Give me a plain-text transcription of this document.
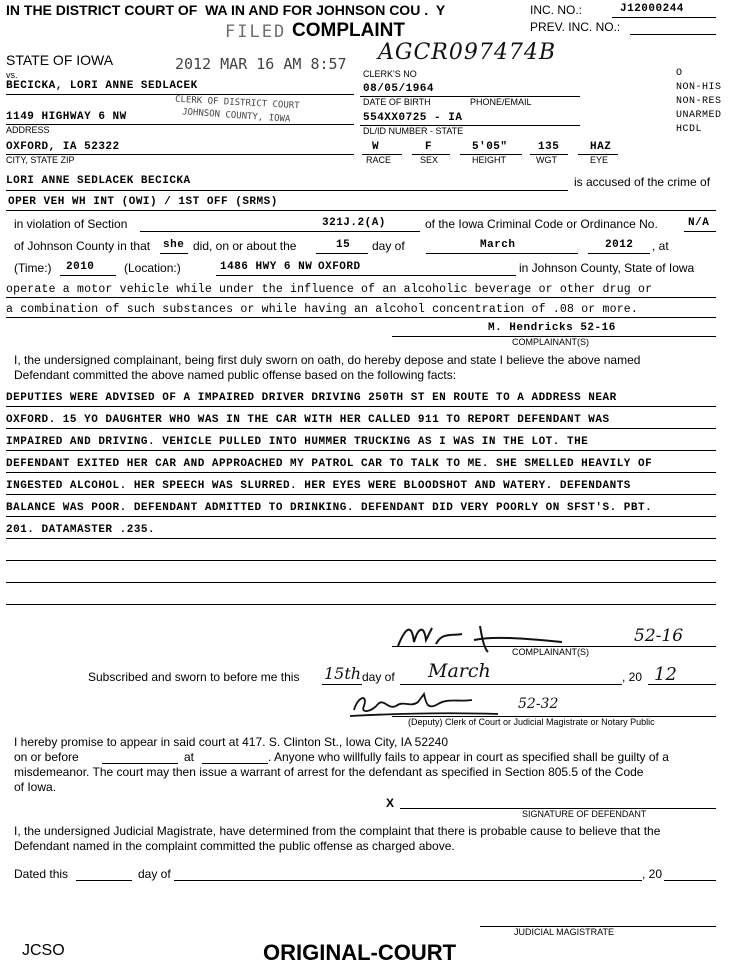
IN THE DISTRICT COURT OF WA IN AND FOR JOHNSON COU .  Y	INC. NO.:	J12000244
PREV. INC. NO.:
FILED COMPLAINT
AGCR097474B
2012 MAR 16 AM 8:57
CLERK OF DISTRICT COURT
JOHNSON COUNTY, IOWA
STATE OF IOWA
vs.
BECICKA, LORI ANNE SEDLACEK
1149 HIGHWAY 6 NW
ADDRESS
OXFORD, IA 52322
CITY, STATE ZIP
CLERK'S NO
08/05/1964
DATE OF BIRTH	PHONE/EMAIL
554XX0725 - IA
DL/ID NUMBER - STATE
W	F	5'05"	135	HAZ
RACE	SEX	HEIGHT	WGT	EYE
O
NON-HIS
NON-RES
UNARMED
HCDL
LORI ANNE SEDLACEK BECICKA	is accused of the crime of
OPER VEH WH INT (OWI) / 1ST OFF (SRMS)
in violation of Section	321J.2(A)	of the Iowa Criminal Code or Ordinance No.	N/A
of Johnson County in that she did, on or about the	15 day of	March	2012 , at
(Time:) 2010 (Location:)	1486 HWY 6 NW OXFORD	in Johnson County, State of Iowa
operate a motor vehicle while under the influence of an alcoholic beverage or other drug or
a combination of such substances or while having an alcohol concentration of .08 or more.
M. Hendricks 52-16
COMPLAINANT(S)
I, the undersigned complainant, being first duly sworn on oath, do hereby depose and state I believe the above named
Defendant committed the above named public offense based on the following facts:
DEPUTIES WERE ADVISED OF A IMPAIRED DRIVER DRIVING 250TH ST EN ROUTE TO A ADDRESS NEAR
OXFORD. 15 YO DAUGHTER WHO WAS IN THE CAR WITH HER CALLED 911 TO REPORT DEFENDANT WAS
IMPAIRED AND DRIVING. VEHICLE PULLED INTO HUMMER TRUCKING AS I WAS IN THE LOT. THE
DEFENDANT EXITED HER CAR AND APPROACHED MY PATROL CAR TO TALK TO ME. SHE SMELLED HEAVILY OF
INGESTED ALCOHOL. HER SPEECH WAS SLURRED. HER EYES WERE BLOODSHOT AND WATERY. DEFENDANTS
BALANCE WAS POOR. DEFENDANT ADMITTED TO DRINKING. DEFENDANT DID VERY POORLY ON SFST'S. PBT.
201. DATAMASTER .235.
52-16
COMPLAINANT(S)
Subscribed and sworn to before me this 15th day of March	, 20 12
52-32
(Deputy) Clerk of Court or Judicial Magistrate or Notary Public
I hereby promise to appear in said court at 417. S. Clinton St., Iowa City, IA 52240
on or before	at	. Anyone who willfully fails to appear in court as specified shall be guilty of a
misdemeanor. The court may then issue a warrant of arrest for the defendant as specified in Section 805.5 of the Code
of Iowa.
X
SIGNATURE OF DEFENDANT
I, the undersigned Judicial Magistrate, have determined from the complaint that there is probable cause to believe that the
Defendant named in the complaint committed the public offense as charged above.
Dated this	day of	, 20
JUDICIAL MAGISTRATE
JCSO	ORIGINAL-COURT
